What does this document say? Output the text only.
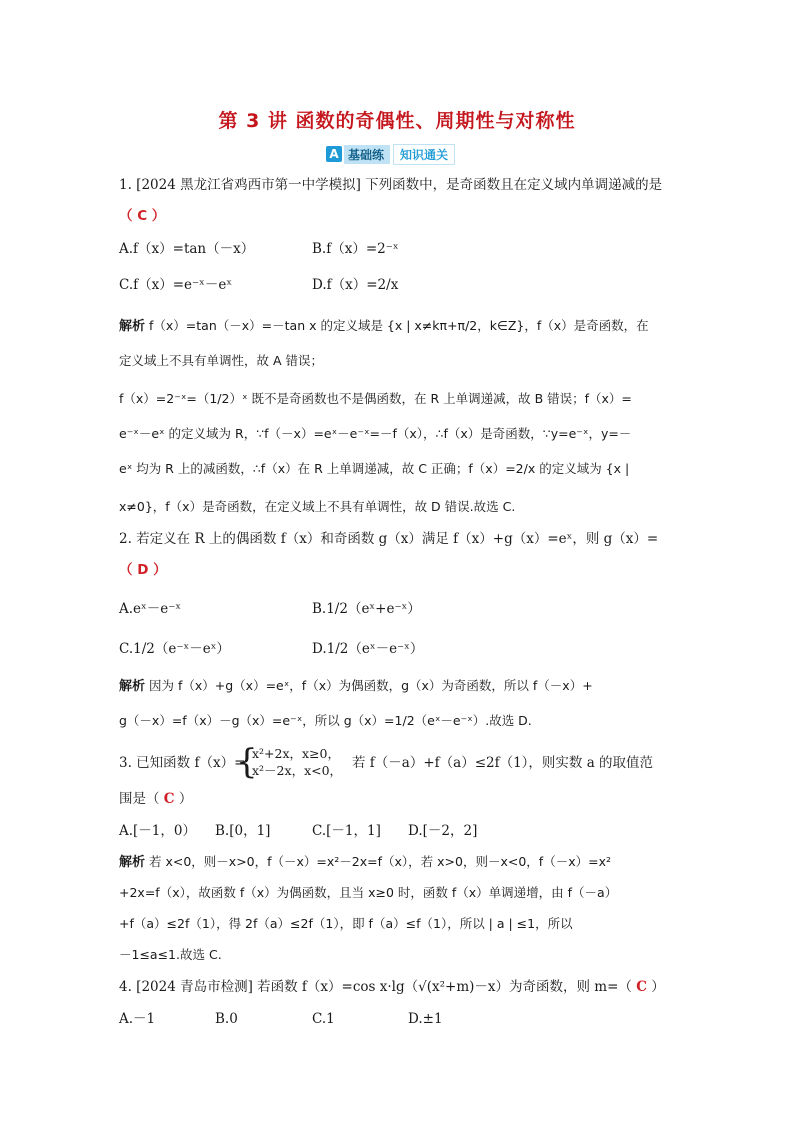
第 3 讲 函数的奇偶性、周期性与对称性
A 基础练	知识通关
1. [2024 黑龙江省鸡西市第一中学模拟] 下列函数中，是奇函数且在定义域内单调递减的是
（ C ）
A.f（x）=tan（－x）	B.f（x）=2⁻ˣ
C.f（x）=e⁻ˣ－eˣ	D.f（x）=2/x
解析 f（x）=tan（－x）=－tan x 的定义域是 {x | x≠kπ+π/2，k∈Z}，f（x）是奇函数，在
定义域上不具有单调性，故 A 错误；
f（x）=2⁻ˣ=（1/2）ˣ 既不是奇函数也不是偶函数，在 R 上单调递减，故 B 错误；f（x）=
e⁻ˣ－eˣ 的定义域为 R，∵f（－x）=eˣ－e⁻ˣ=－f（x），∴f（x）是奇函数，∵y=e⁻ˣ，y=－
eˣ 均为 R 上的减函数，∴f（x）在 R 上单调递减，故 C 正确；f（x）=2/x 的定义域为 {x |
x≠0}，f（x）是奇函数，在定义域上不具有单调性，故 D 错误.故选 C.
2. 若定义在 R 上的偶函数 f（x）和奇函数 g（x）满足 f（x）+g（x）=eˣ，则 g（x）=
（ D ）
A.eˣ－e⁻ˣ	B.1/2（eˣ+e⁻ˣ）
C.1/2（e⁻ˣ－eˣ）	D.1/2（eˣ－e⁻ˣ）
解析 因为 f（x）+g（x）=eˣ，f（x）为偶函数，g（x）为奇函数，所以 f（－x）+
g（－x）=f（x）－g（x）=e⁻ˣ，所以 g（x）=1/2（eˣ－e⁻ˣ）.故选 D.
3. 已知函数 f（x）=
{
x²+2x，x≥0，
x²－2x，x<0， 若 f（－a）+f（a）≤2f（1），则实数 a 的取值范
围是（ C ）
A.[－1，0） B.[0，1]	C.[－1，1] D.[－2，2]
解析 若 x<0，则－x>0，f（－x）=x²－2x=f（x），若 x>0，则－x<0，f（－x）=x²
+2x=f（x），故函数 f（x）为偶函数，且当 x≥0 时，函数 f（x）单调递增，由 f（－a）
+f（a）≤2f（1），得 2f（a）≤2f（1），即 f（a）≤f（1），所以 | a | ≤1，所以
－1≤a≤1.故选 C.
4. [2024 青岛市检测] 若函数 f（x）=cos x·lg（√(x²+m)－x）为奇函数，则 m=（ C ）
A.－1	B.0	C.1	D.±1
